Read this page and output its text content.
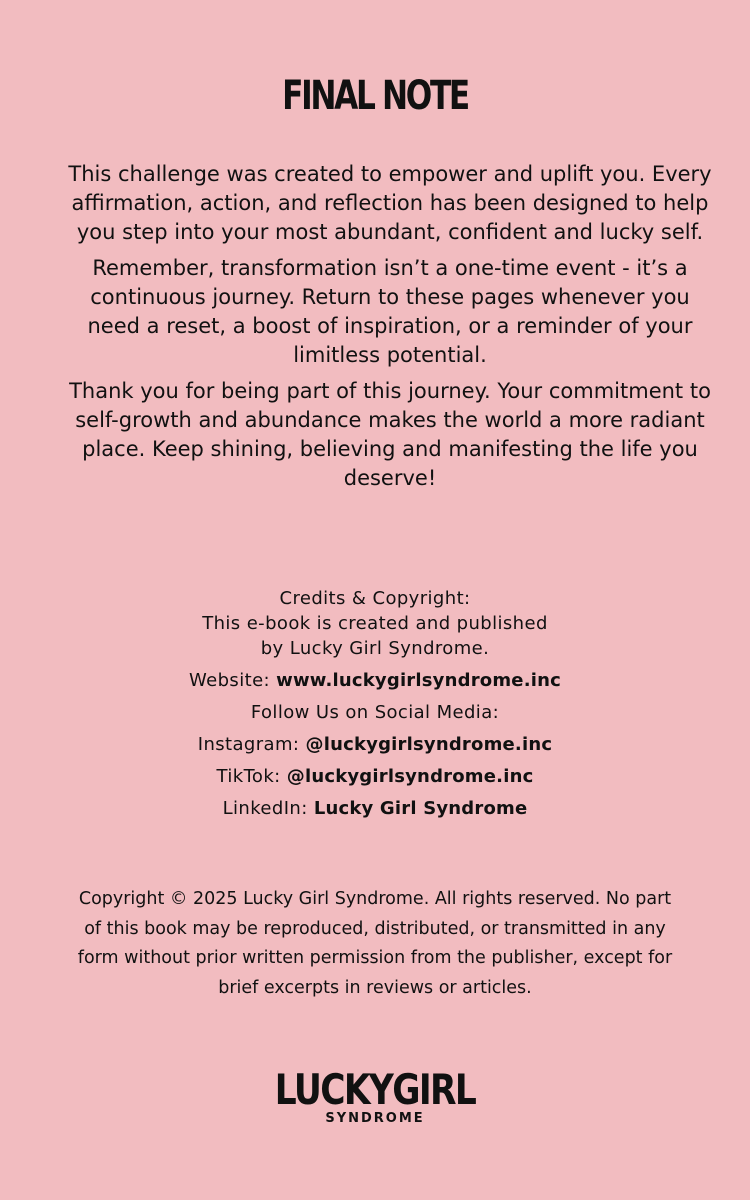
FINAL NOTE

This challenge was created to empower and uplift you. Every affirmation, action, and reflection has been designed to help you step into your most abundant, confident and lucky self.

Remember, transformation isn’t a one-time event - it’s a continuous journey. Return to these pages whenever you need a reset, a boost of inspiration, or a reminder of your limitless potential.

Thank you for being part of this journey. Your commitment to self-growth and abundance makes the world a more radiant place. Keep shining, believing and manifesting the life you deserve!

Credits & Copyright:
This e-book is created and published
by Lucky Girl Syndrome.
Website: www.luckygirlsyndrome.inc
Follow Us on Social Media:
Instagram: @luckygirlsyndrome.inc
TikTok: @luckygirlsyndrome.inc
LinkedIn: Lucky Girl Syndrome
Copyright © 2025 Lucky Girl Syndrome. All rights reserved. No part of this book may be reproduced, distributed, or transmitted in any form without prior written permission from the publisher, except for brief excerpts in reviews or articles.
LUCKYGIRL
SYNDROME
